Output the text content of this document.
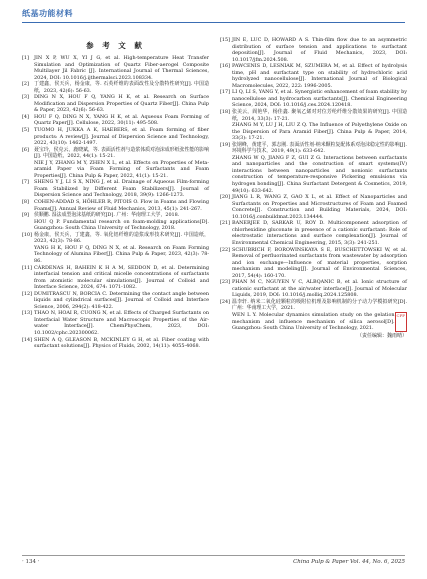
纸基功能材料
参 考 文 献
[1]	JIN X P, WU X, YI J G, et al. High-temperature Heat Transfer Simulation and Optimization of Quartz Fiber-aerogel Composite Multilayer Jil Fabric [J]. International Journal of Thermal Sciences, 2024, DOI: 10.1016/j.ijthermalsci.2023.108334.
[2]	丁建鑫，侯天兵，杨金康，等. 石英纤维的表面改性及分散特性研究[J]. 中国造纸，2023, 42(6): 56-63.
[3]	DING N X, HOU F Q, YANG H K, et al. Research on Surface Modification and Dispersion Properties of Quartz Fiber[J]. China Pulp & Paper, 2023, 42(6): 56-63.
[4]	HOU F Q, DING N X, YANG H K, et al. Aqueous Foam Forming of Quartz Paper[J]. Cellulose, 2022, 30(11): 495-508.
[5]	TUOMO H, JUKKA A K, HAEBERS, et al. Foam forming of fiber products: A review[J]. Journal of Dispersion Science and Technology, 2022, 43(10): 1462-1497.
[6]	聂宝玲，侯克云，鹿晓斌，等. 表面活性剂与造浆体质对泡沫成形纸张性能的影响[J]. 中国造纸，2022, 44(1): 15-21.
NIE J Y, ZHANG M Y, ZHEN X L, et al. Effects on Properties of Meta-aramid Paper via Foam Forming of Surfactants and Foam Properties[J]. China Pulp & Paper, 2022, 41(1): 15-21.
[7]	SHENG Y J, LI S X, NING J, et al. Drainage of Aqueous Film-forming Foam Stabilized by Different Foam Stabilizers[J]. Journal of Dispersion Science and Technology, 2018, 39(9): 1266-1273.
[8]	COHEN-ADDAD S, HÖHLER R, PITOIS O. Flow in Foams and Flowing Foams[J]. Annual Review of Fluid Mechanics, 2013, 45(1): 241-267.
[9]	侯顺鹏. 湿法成型泡沫基纸的研究[D]. 广州：华南理工大学，2018.
HOU Q P. Fundamental research on foam-molding applications[D]. Guangzhou: South China University of Technology, 2018.
[10] 杨金康，侯天兵，丁建鑫，等. 氧化铝纤维的造浆成形技术研究[J]. 中国造纸，2023, 42(3): 78-86.
YANG H K, HOU F Q, DING N X, et al. Research on Foam Forming Technology of Alumina Fiber[J]. China Pulp & Paper, 2023, 42(3): 78-86.
[11] CÁRDENAS H, BAHEIN K H A M, SEDDON D, et al. Determining interfacial tension and critical micelle concentrations of surfactants from atomistic molecular simulations[J]. Journal of Colloid and Interface Science, 2024, 674: 1071-1082.
[12] DUMITRASCU N, BORCIA C. Determining the contact angle between liquids and cylindrical surfaces[J]. Journal of Colloid and Interface Science, 2006, 294(2): 418-422.
[13] THAO N, HOAI R, CUONG N, et al. Effects of Charged Surfactants on Interfacial Water Structure and Macroscopic Properties of the Air-water Interface[J]. ChemPhysChem, 2023, DOI: 10.1002/cphc.202300062.
[14] SHEN A Q, GLEASON B, MCKINLEY G H, et al. Fiber coating with surfactant solutions[J]. Physics of Fluids, 2002, 14(11): 4055-4068.
[15] JIN E, LUC D, HOWARD A S. Thin-film flow due to an asymmetric distribution of surface tension and applications to surfactant deposition[J]. Journal of Fluid Mechanics, 2023, DOI: 10.1017/jfm.2024.508.
[16] PAWCENIS D, LESNIAK M, SZUMERA M, et al. Effect of hydrolysis time, pH and surfactant type on stability of hydrochloric acid hydrolyzed nanocellulose[J]. International Journal of Biological Macromolecules, 2022, 222: 1996-2005.
[17] LI Q, LI S, YANG Y, et al. Synergistic enhancement of foam stability by nanocellulose and hydrocarbon surfactants[J]. Chemical Engineering Science, 2024, DOI: 10.1016/j.ces.2024.120418.
[18] 张美云，阎艳华，杨佳鑫. 聚氧乙烯对对位芳纶纤维分散效果的研究[J]. 中国造纸，2014, 33(3): 17-21.
ZHANG M Y, LU J H, LIU Z Q. The Influence of Polyethylene Oxide on the Dispersion of Para Aramid Fiber[J]. China Pulp & Paper, 2014, 33(3): 17-21.
[19] 张钢峰，黄建平，郭志刚. 表面活性剂-纳米颗粒复配体系对泡沫稳定性的影响[J]. 环境科学与技术，2019, 49(1): 633-642.
ZHANG W Q, JIANG F Z, GUI Z G. Interactions between surfactants and nanoparticles and the construction of smart systems(IV) interactions between nanoparticles and nonionic surfactants construction of temperature-responsive Pickering emulsions via hydrogen bonding[J]. China Surfactant Detergent & Cosmetics, 2019, 49(10): 633-642.
[20] JIANG L R, WANG Z, GAO X L, et al. Effect of Nanoparticles and Surfactants on Properties and Microstructures of Foam and Foamed Concrete[J]. Construction and Building Materials, 2024, DOI: 10.1016/j.conbuildmat.2023.134444.
[21] BANERJEE D, SARKAR U, ROY D. Multicomponent adsorption of chlorhexidine gluconate in presence of a cationic surfactant: Role of electrostatic interactions and surface complexation[J]. Journal of Environmental Chemical Engineering, 2015, 3(3): 241-251.
[22] SCHUBRICH F, BOROWINSKAYA S E, BUSCHETTOWSKI W, et al. Removal of perfluorinated surfactants from wastewater by adsorption and ion exchange—Influence of material properties, sorption mechanism and modeling[J]. Journal of Environmental Sciences, 2017, 54(4): 160-170.
[23] PHAN M C, NGUYEN V C, ALBQANIC B, et al. Ionic structure of cationic surfactant at the air/water interface[J]. Journal of Molecular Liquids, 2019, DOI: 10.1016/j.molliq.2024.125808.
[24] 温李轩. 纳米二氧化硅颗粒的吸附位机理及影响机制的分子动力学模拟研究[D]. 广州：华南理工大学，2021.
WEN L Y. Molecular dynamics simulation study on the gelation mechanism and influence mechanism of silica aerosol[D]. Guangzhou: South China University of Technology, 2021.
CPP
（责任编辑：魏雨晴）
· 134 ·	China Pulp & Paper Vol. 44, No. 6, 2025
